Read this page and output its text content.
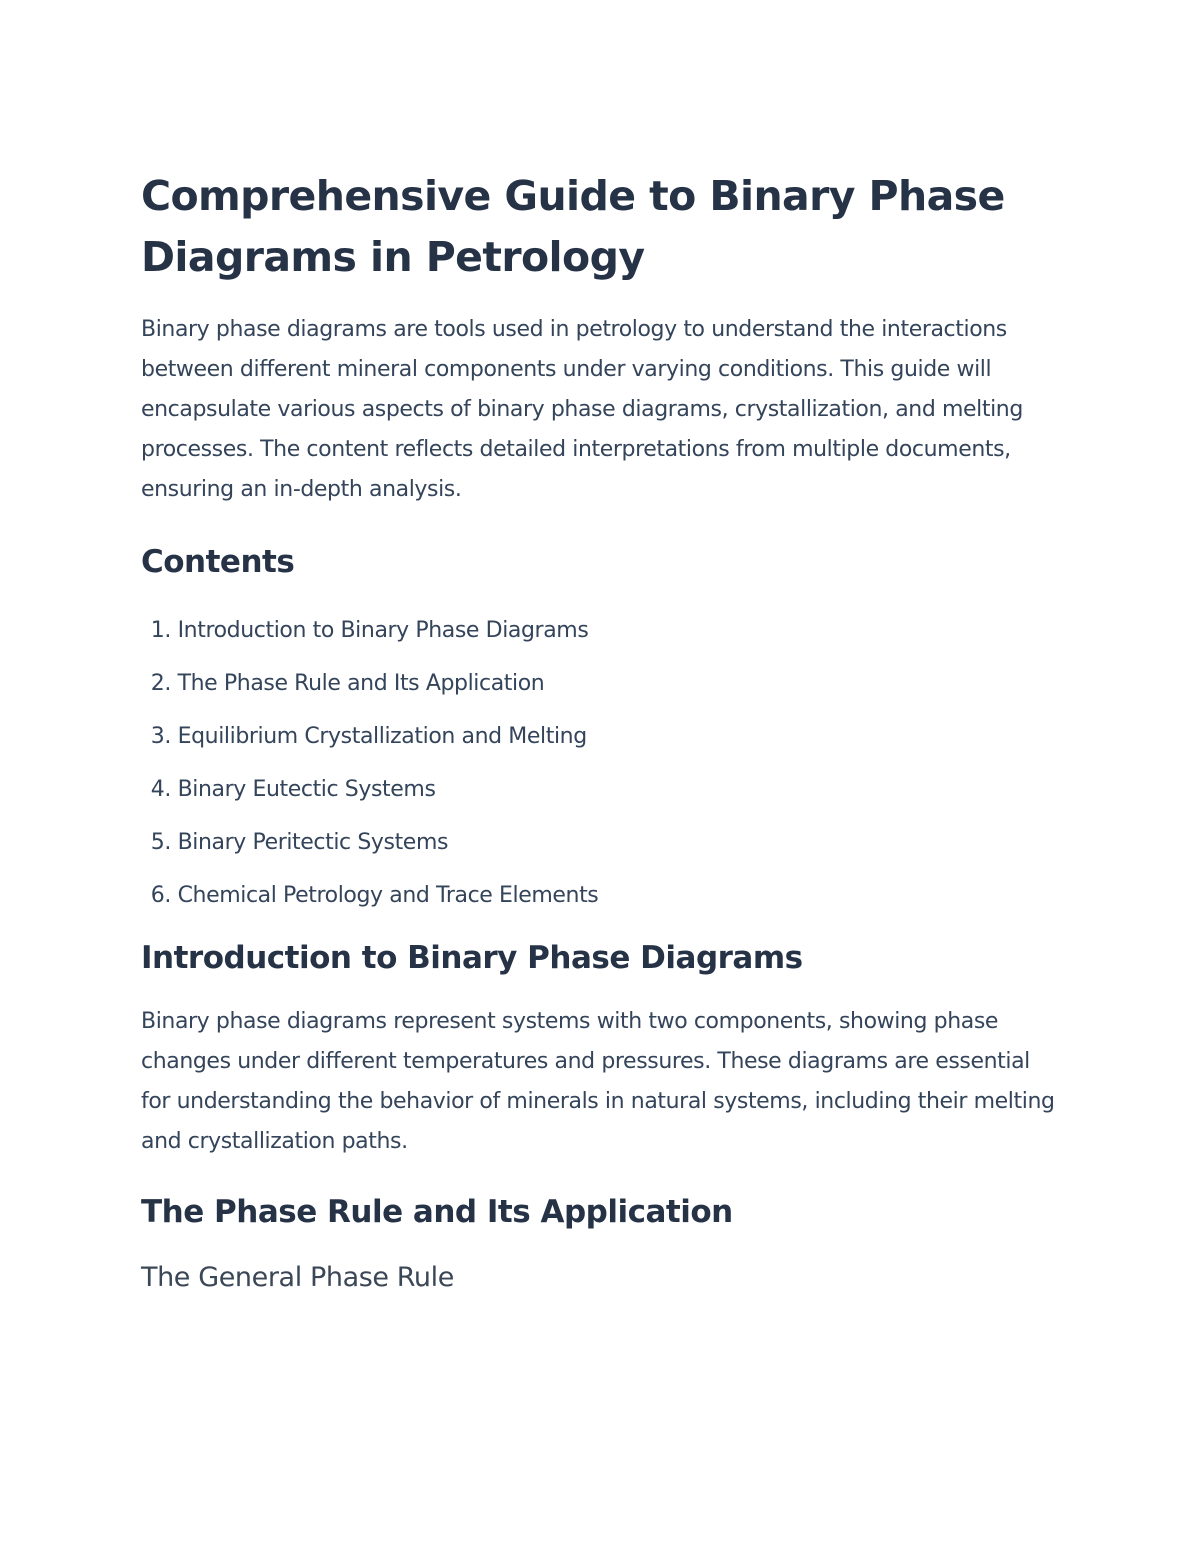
Comprehensive Guide to Binary Phase Diagrams in Petrology

Binary phase diagrams are tools used in petrology to understand the interactions between different mineral components under varying conditions. This guide will encapsulate various aspects of binary phase diagrams, crystallization, and melting processes. The content reflects detailed interpretations from multiple documents, ensuring an in-depth analysis.

Contents
1. Introduction to Binary Phase Diagrams
2. The Phase Rule and Its Application
3. Equilibrium Crystallization and Melting
4. Binary Eutectic Systems
5. Binary Peritectic Systems
6. Chemical Petrology and Trace Elements
Introduction to Binary Phase Diagrams

Binary phase diagrams represent systems with two components, showing phase changes under different temperatures and pressures. These diagrams are essential for understanding the behavior of minerals in natural systems, including their melting and crystallization paths.

The Phase Rule and Its Application
The General Phase Rule
